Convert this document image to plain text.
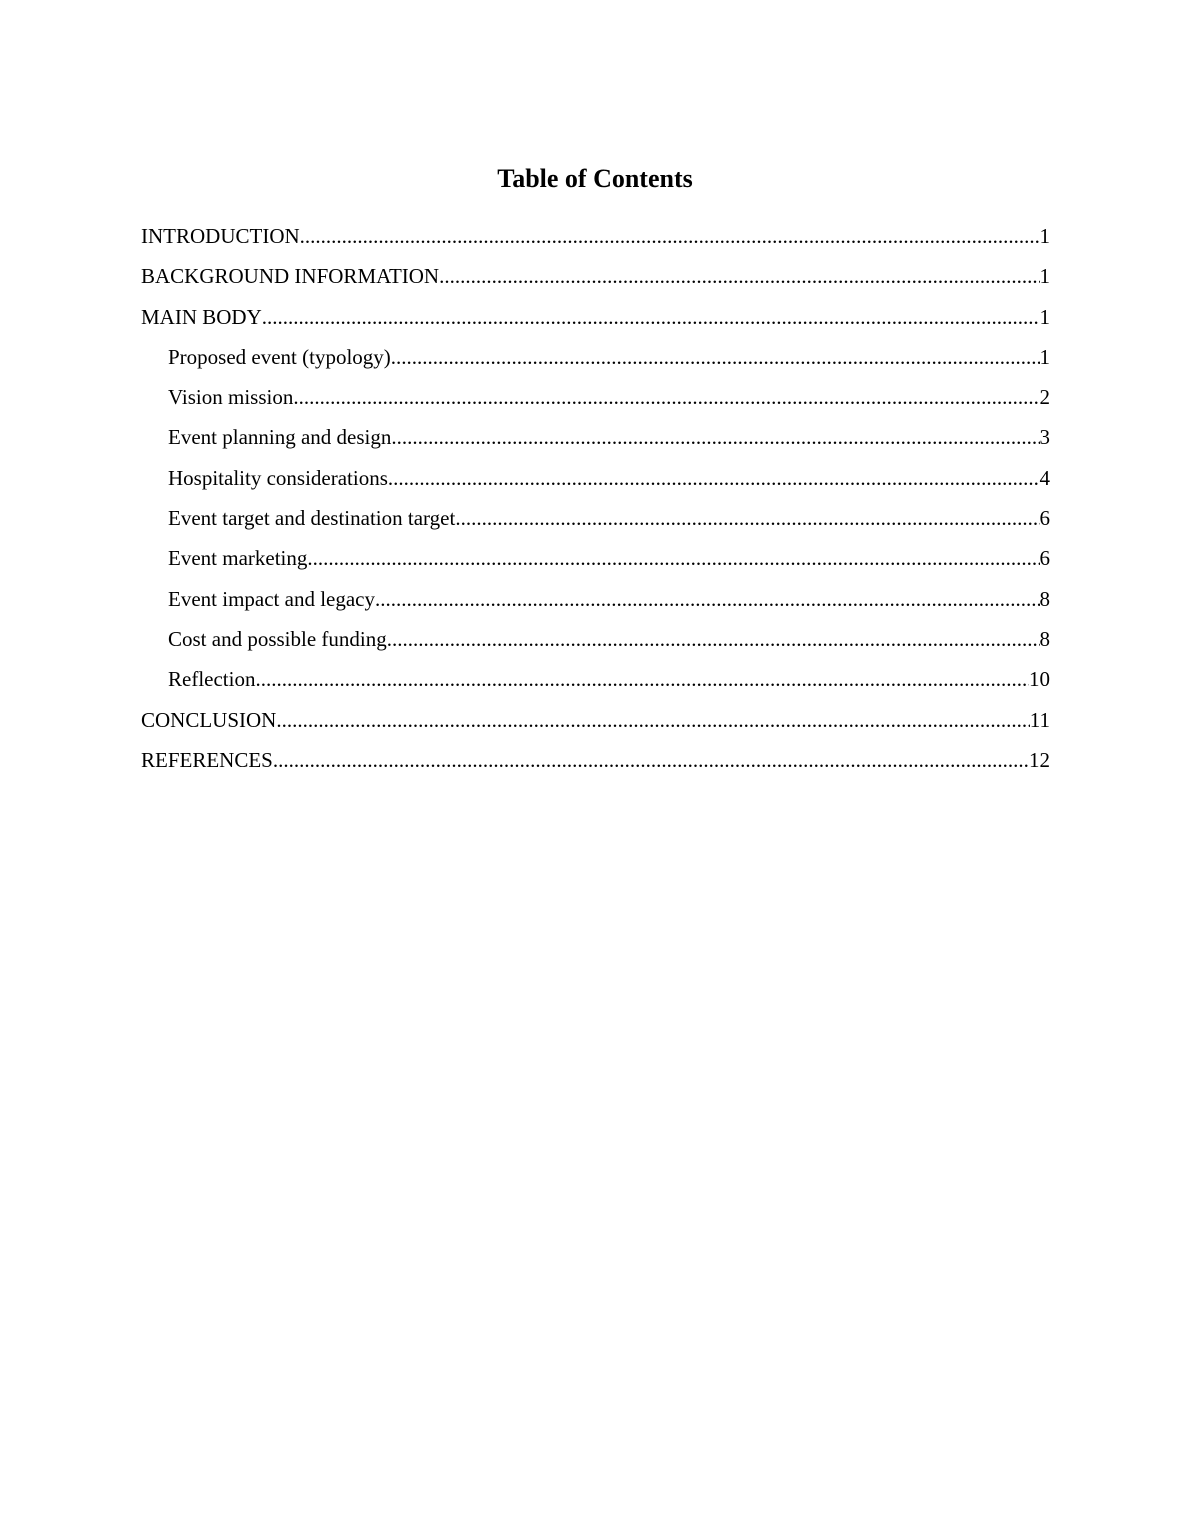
Table of Contents
INTRODUCTION .....	1
BACKGROUND INFORMATION .....	1
MAIN BODY .....	1
Proposed event (typology) .....	1
Vision mission .....	2
Event planning and design .....	3
Hospitality considerations .....	4
Event target and destination target .....	6
Event marketing .....	6
Event impact and legacy .....	8
Cost and possible funding .....	8
Reflection .....	10
CONCLUSION .....	11
REFERENCES .....	12
